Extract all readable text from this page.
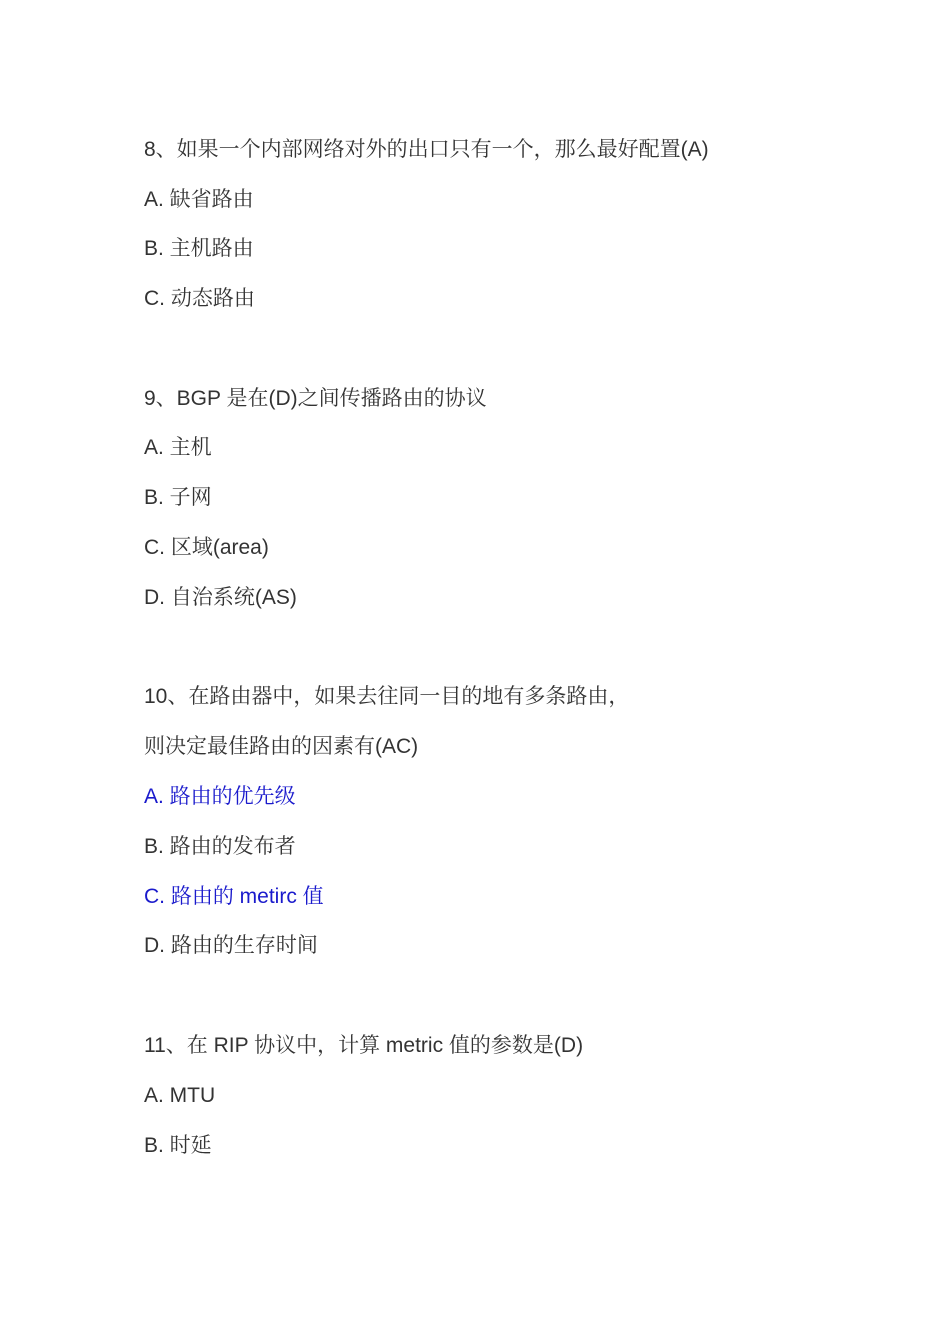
8、如果一个内部网络对外的出口只有一个，那么最好配置(A)
A. 缺省路由
B. 主机路由
C. 动态路由
9、BGP 是在(D)之间传播路由的协议
A. 主机
B. 子网
C. 区域(area)
D. 自治系统(AS)
10、在路由器中，如果去往同一目的地有多条路由，
则决定最佳路由的因素有(AC)
A. 路由的优先级
B. 路由的发布者
C. 路由的 metirc 值
D. 路由的生存时间
11、在 RIP 协议中，计算 metric 值的参数是(D)
A. MTU
B. 时延
